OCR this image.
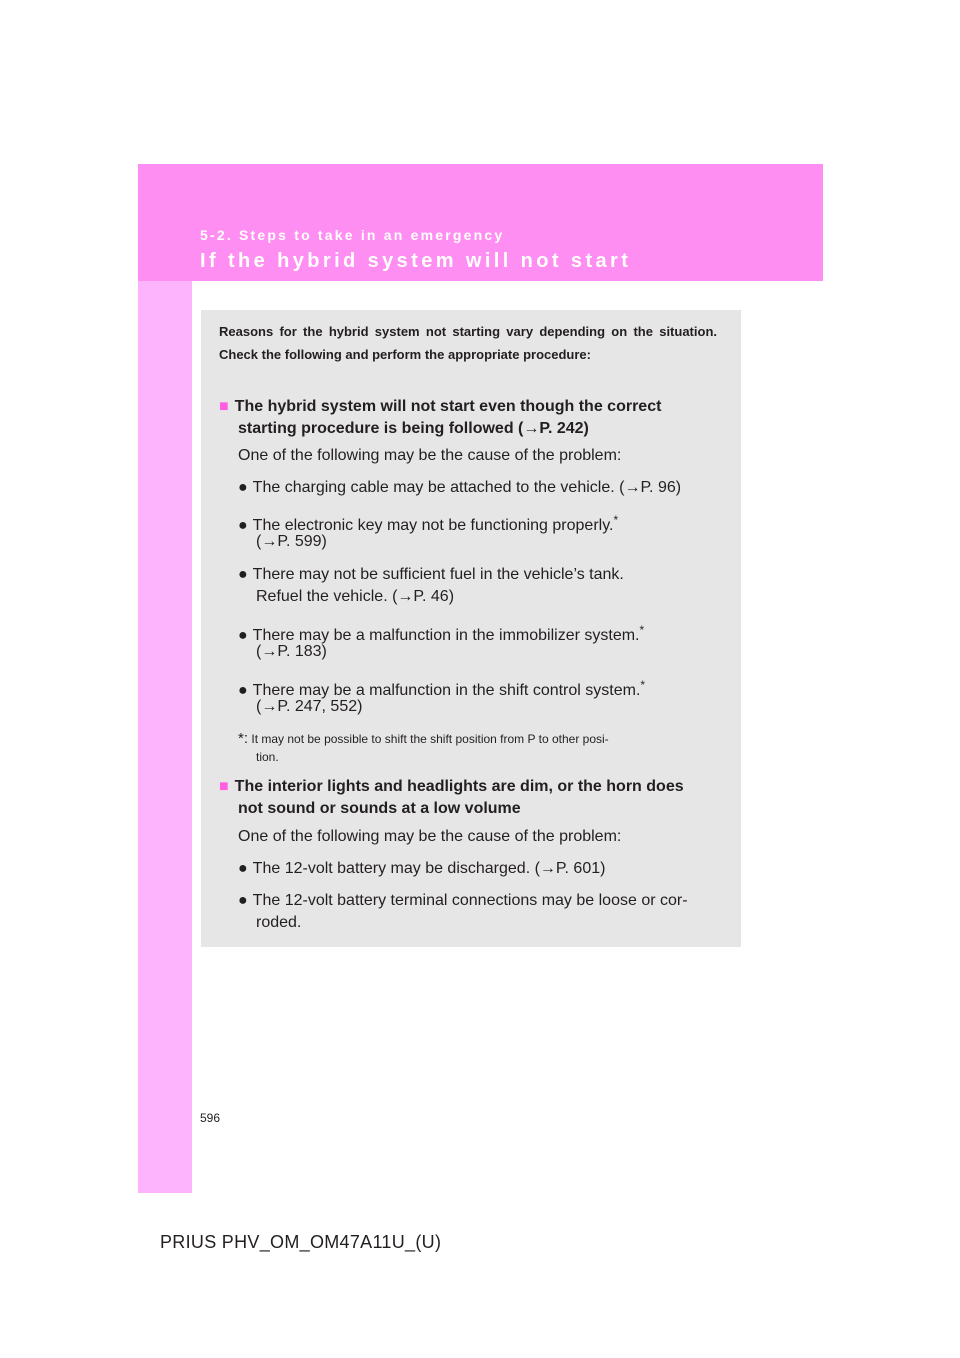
5-2. Steps to take in an emergency
If the hybrid system will not start
Reasons for the hybrid system not starting vary depending on the situation. Check the following and perform the appropriate procedure:
■ The hybrid system will not start even though the correct
starting procedure is being followed (→P. 242)
One of the following may be the cause of the problem:
● The charging cable may be attached to the vehicle. (→P. 96)
● The electronic key may not be functioning properly.*
(→P. 599)
● There may not be sufficient fuel in the vehicle’s tank.
Refuel the vehicle. (→P. 46)
● There may be a malfunction in the immobilizer system.*
(→P. 183)
● There may be a malfunction in the shift control system.*
(→P. 247, 552)
*: It may not be possible to shift the shift position from P to other posi-
tion.
■ The interior lights and headlights are dim, or the horn does
not sound or sounds at a low volume
One of the following may be the cause of the problem:
● The 12-volt battery may be discharged. (→P. 601)
● The 12-volt battery terminal connections may be loose or cor-
roded.
596
PRIUS PHV_OM_OM47A11U_(U)
